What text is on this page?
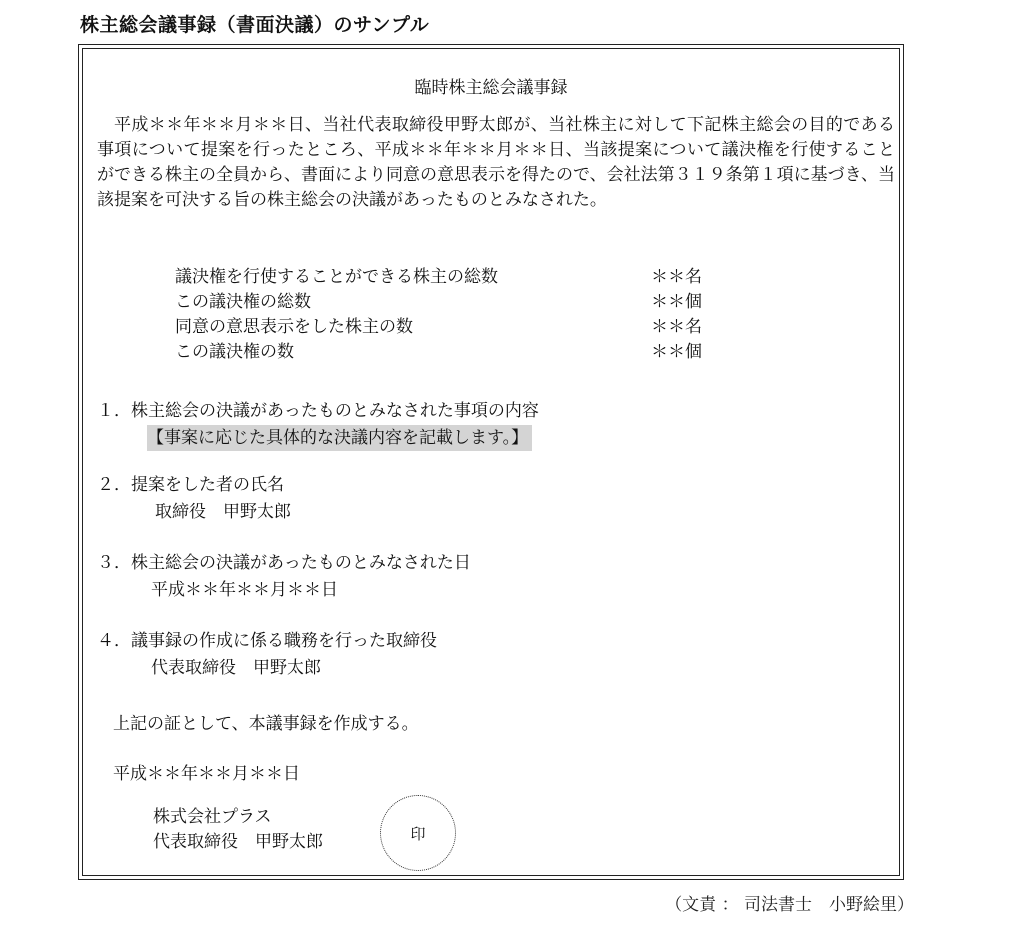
株主総会議事録（書面決議）のサンプル
臨時株主総会議事録

平成＊＊年＊＊月＊＊日、当社代表取締役甲野太郎が、当社株主に対して下記株主総会の目的である事項について提案を行ったところ、平成＊＊年＊＊月＊＊日、当該提案について議決権を行使することができる株主の全員から、書面により同意の意思表示を得たので、会社法第３１９条第１項に基づき、当該提案を可決する旨の株主総会の決議があったものとみなされた。

議決権を行使することができる株主の総数	＊＊名
この議決権の総数	＊＊個
同意の意思表示をした株主の数	＊＊名
この議決権の数	＊＊個
１．株主総会の決議があったものとみなされた事項の内容
【事案に応じた具体的な決議内容を記載します。】
２．提案をした者の氏名
取締役　甲野太郎
３．株主総会の決議があったものとみなされた日
平成＊＊年＊＊月＊＊日
４．議事録の作成に係る職務を行った取締役
代表取締役　甲野太郎
上記の証として、本議事録を作成する。
平成＊＊年＊＊月＊＊日
株式会社プラス
代表取締役　甲野太郎	印
（文責 ： 司法書士　小野絵里）
